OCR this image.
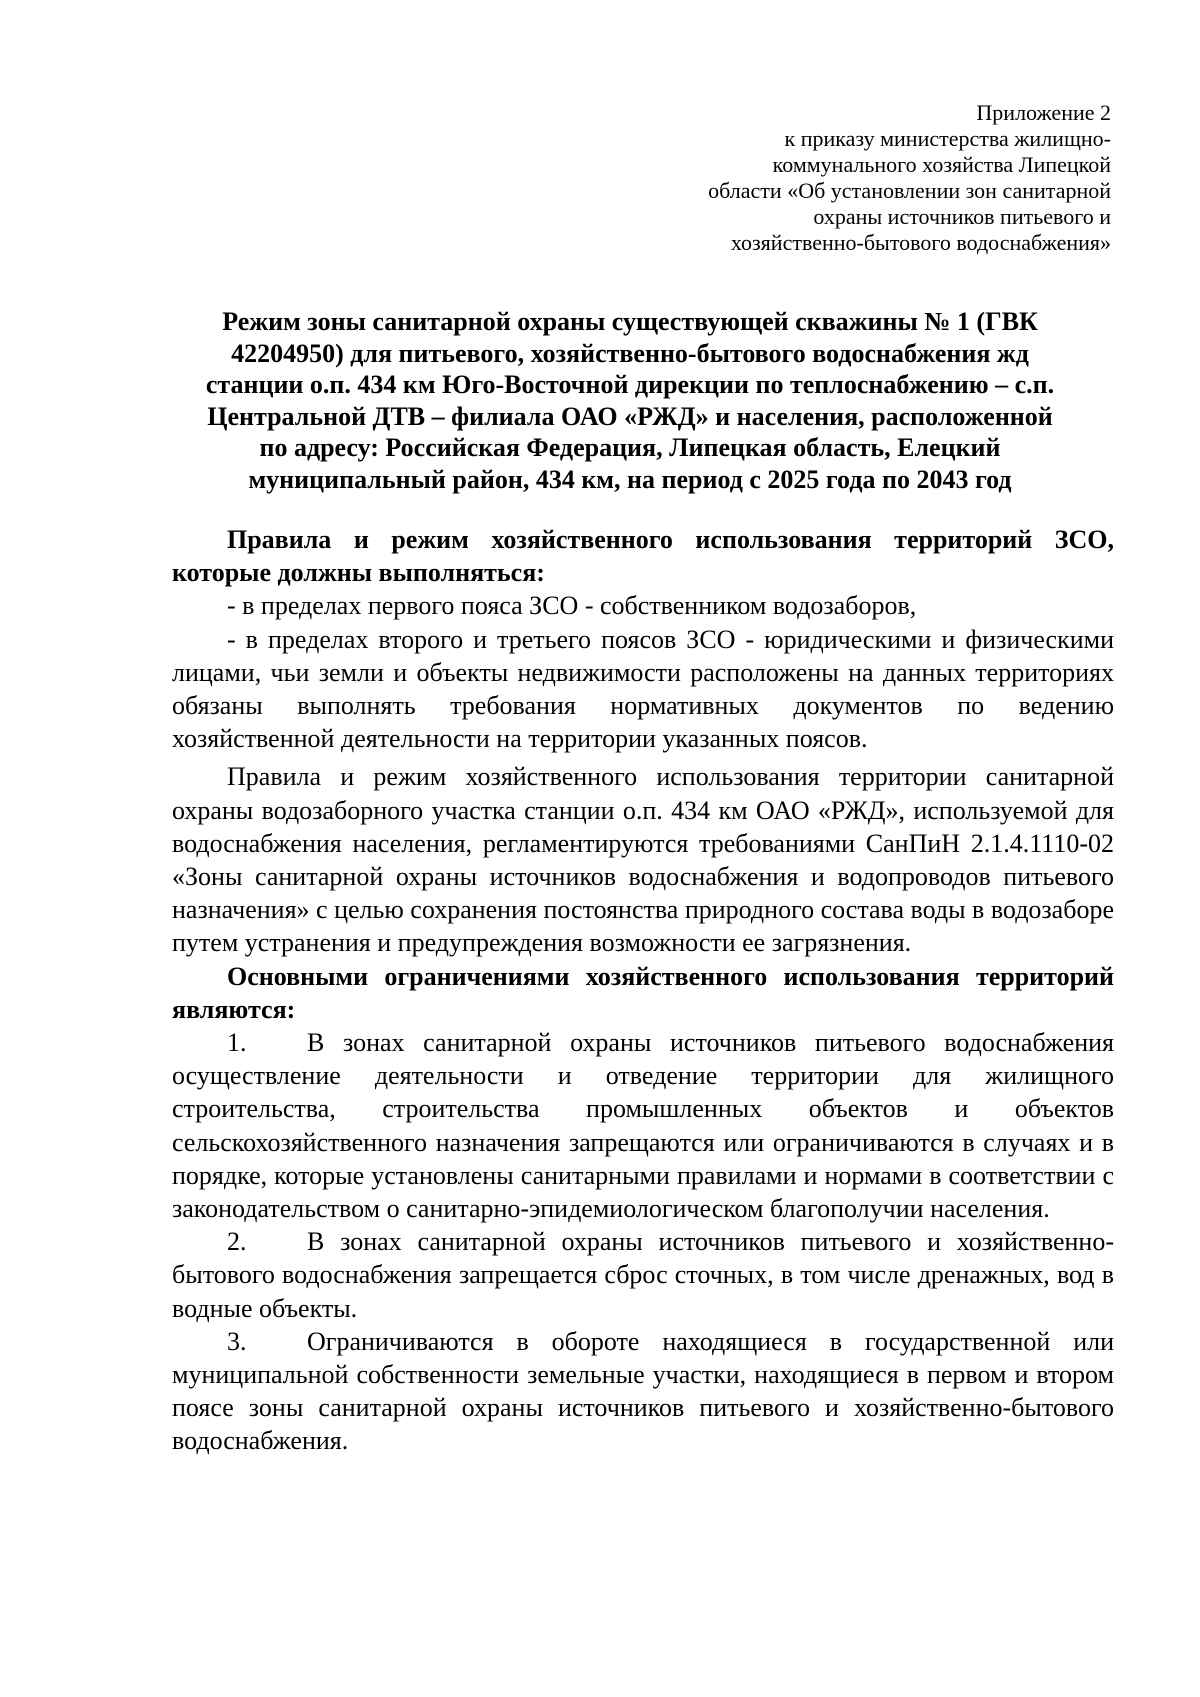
Приложение 2
к приказу министерства жилищно-
коммунального хозяйства Липецкой
области «Об установлении зон санитарной
охраны источников питьевого и
хозяйственно-бытового водоснабжения»
Режим зоны санитарной охраны существующей скважины № 1 (ГВК
42204950) для питьевого, хозяйственно-бытового водоснабжения жд
станции о.п. 434 км Юго-Восточной дирекции по теплоснабжению – с.п.
Центральной ДТВ – филиала ОАО «РЖД» и населения, расположенной
по адресу: Российская Федерация, Липецкая область, Елецкий
муниципальный район, 434 км, на период с 2025 года по 2043 год

Правила и режим хозяйственного использования территорий ЗСО, которые должны выполняться:

- в пределах первого пояса ЗСО - собственником водозаборов,

- в пределах второго и третьего поясов ЗСО - юридическими и физическими лицами, чьи земли и объекты недвижимости расположены на данных территориях обязаны выполнять требования нормативных документов по ведению хозяйственной деятельности на территории указанных поясов.

Правила и режим хозяйственного использования территории санитарной охраны водозаборного участка станции о.п. 434 км ОАО «РЖД», используемой для водоснабжения населения, регламентируются требованиями СанПиН 2.1.4.1110-02 «Зоны санитарной охраны источников водоснабжения и водопроводов питьевого назначения» с целью сохранения постоянства природного состава воды в водозаборе путем устранения и предупреждения возможности ее загрязнения.

Основными ограничениями хозяйственного использования территорий являются:

1. В зонах санитарной охраны источников питьевого водоснабжения осуществление деятельности и отведение территории для жилищного строительства, строительства промышленных объектов и объектов сельскохозяйственного назначения запрещаются или ограничиваются в случаях и в порядке, которые установлены санитарными правилами и нормами в соответствии с законодательством о санитарно-эпидемиологическом благополучии населения.

2. В зонах санитарной охраны источников питьевого и хозяйственно-бытового водоснабжения запрещается сброс сточных, в том числе дренажных, вод в водные объекты.

3. Ограничиваются в обороте находящиеся в государственной или муниципальной собственности земельные участки, находящиеся в первом и втором поясе зоны санитарной охраны источников питьевого и хозяйственно-бытового водоснабжения.
